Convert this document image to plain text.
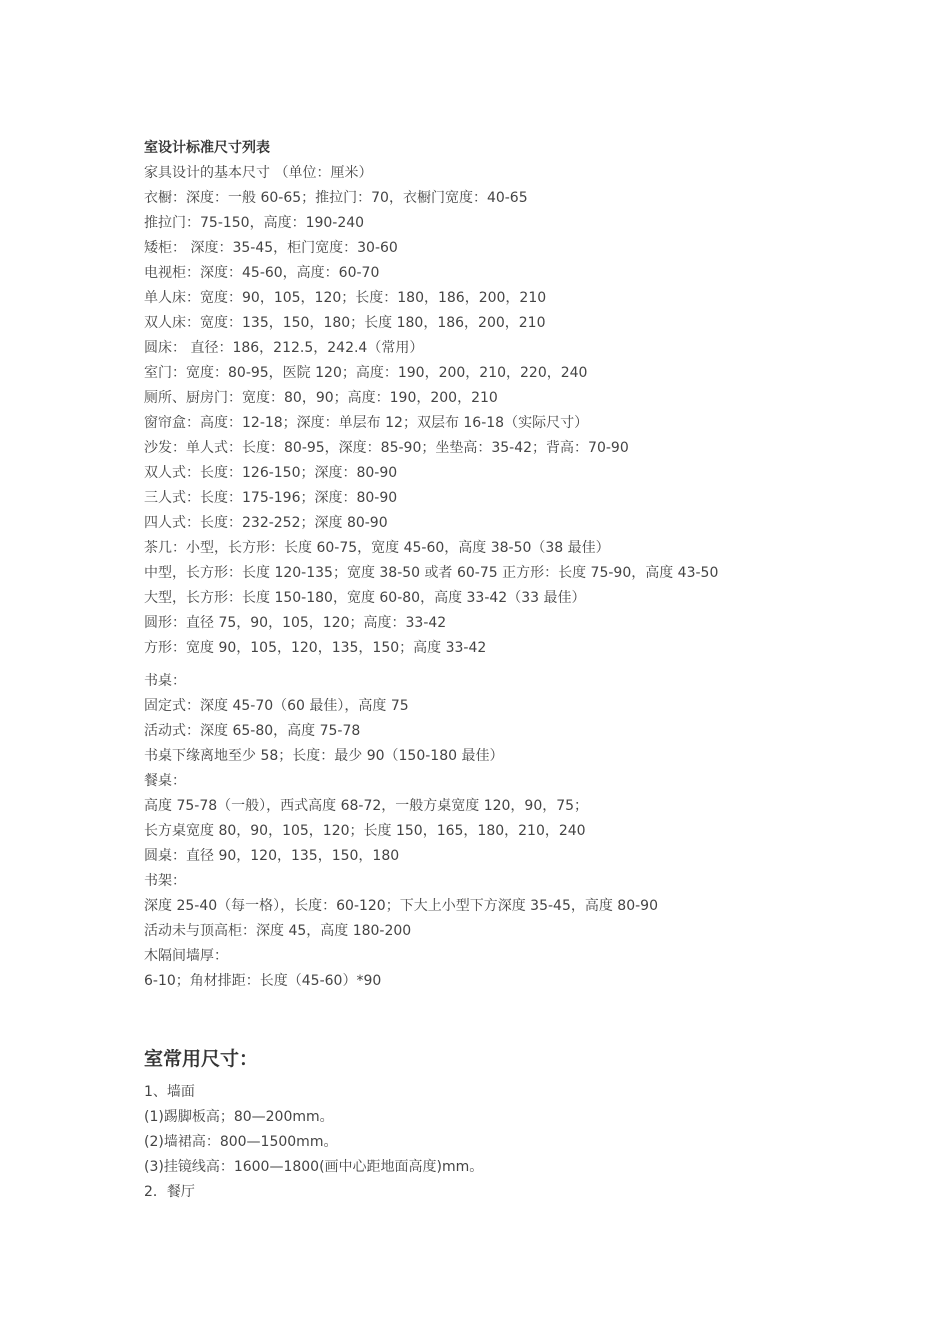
室设计标准尺寸列表
家具设计的基本尺寸 （单位：厘米）
衣橱：深度：一般 60-65；推拉门：70，衣橱门宽度：40-65
推拉门：75-150，高度：190-240
矮柜： 深度：35-45，柜门宽度：30-60
电视柜：深度：45-60，高度：60-70
单人床：宽度：90，105，120；长度：180，186，200，210
双人床：宽度：135，150，180；长度 180，186，200，210
圆床： 直径：186，212.5，242.4（常用）
室门：宽度：80-95，医院 120；高度：190，200，210，220，240
厕所、厨房门：宽度：80，90；高度：190，200，210
窗帘盒：高度：12-18；深度：单层布 12；双层布 16-18（实际尺寸）
沙发：单人式：长度：80-95，深度：85-90；坐垫高：35-42；背高：70-90
双人式：长度：126-150；深度：80-90
三人式：长度：175-196；深度：80-90
四人式：长度：232-252；深度 80-90
茶几：小型，长方形：长度 60-75，宽度 45-60，高度 38-50（38 最佳）
中型，长方形：长度 120-135；宽度 38-50 或者 60-75 正方形：长度 75-90，高度 43-50
大型，长方形：长度 150-180，宽度 60-80，高度 33-42（33 最佳）
圆形：直径 75，90，105，120；高度：33-42
方形：宽度 90，105，120，135，150；高度 33-42
书桌：
固定式：深度 45-70（60 最佳），高度 75
活动式：深度 65-80，高度 75-78
书桌下缘离地至少 58；长度：最少 90（150-180 最佳）
餐桌：
高度 75-78（一般），西式高度 68-72，一般方桌宽度 120，90，75；
长方桌宽度 80，90，105，120；长度 150，165，180，210，240
圆桌：直径 90，120，135，150，180
书架：
深度 25-40（每一格），长度：60-120；下大上小型下方深度 35-45，高度 80-90
活动未与顶高柜：深度 45，高度 180-200
木隔间墙厚：
6-10；角材排距：长度（45-60）*90
室常用尺寸：
1、墙面
(1)踢脚板高；80—200mm。
(2)墙裙高：800—1500mm。
(3)挂镜线高：1600—1800(画中心距地面高度)mm。
2．餐厅
